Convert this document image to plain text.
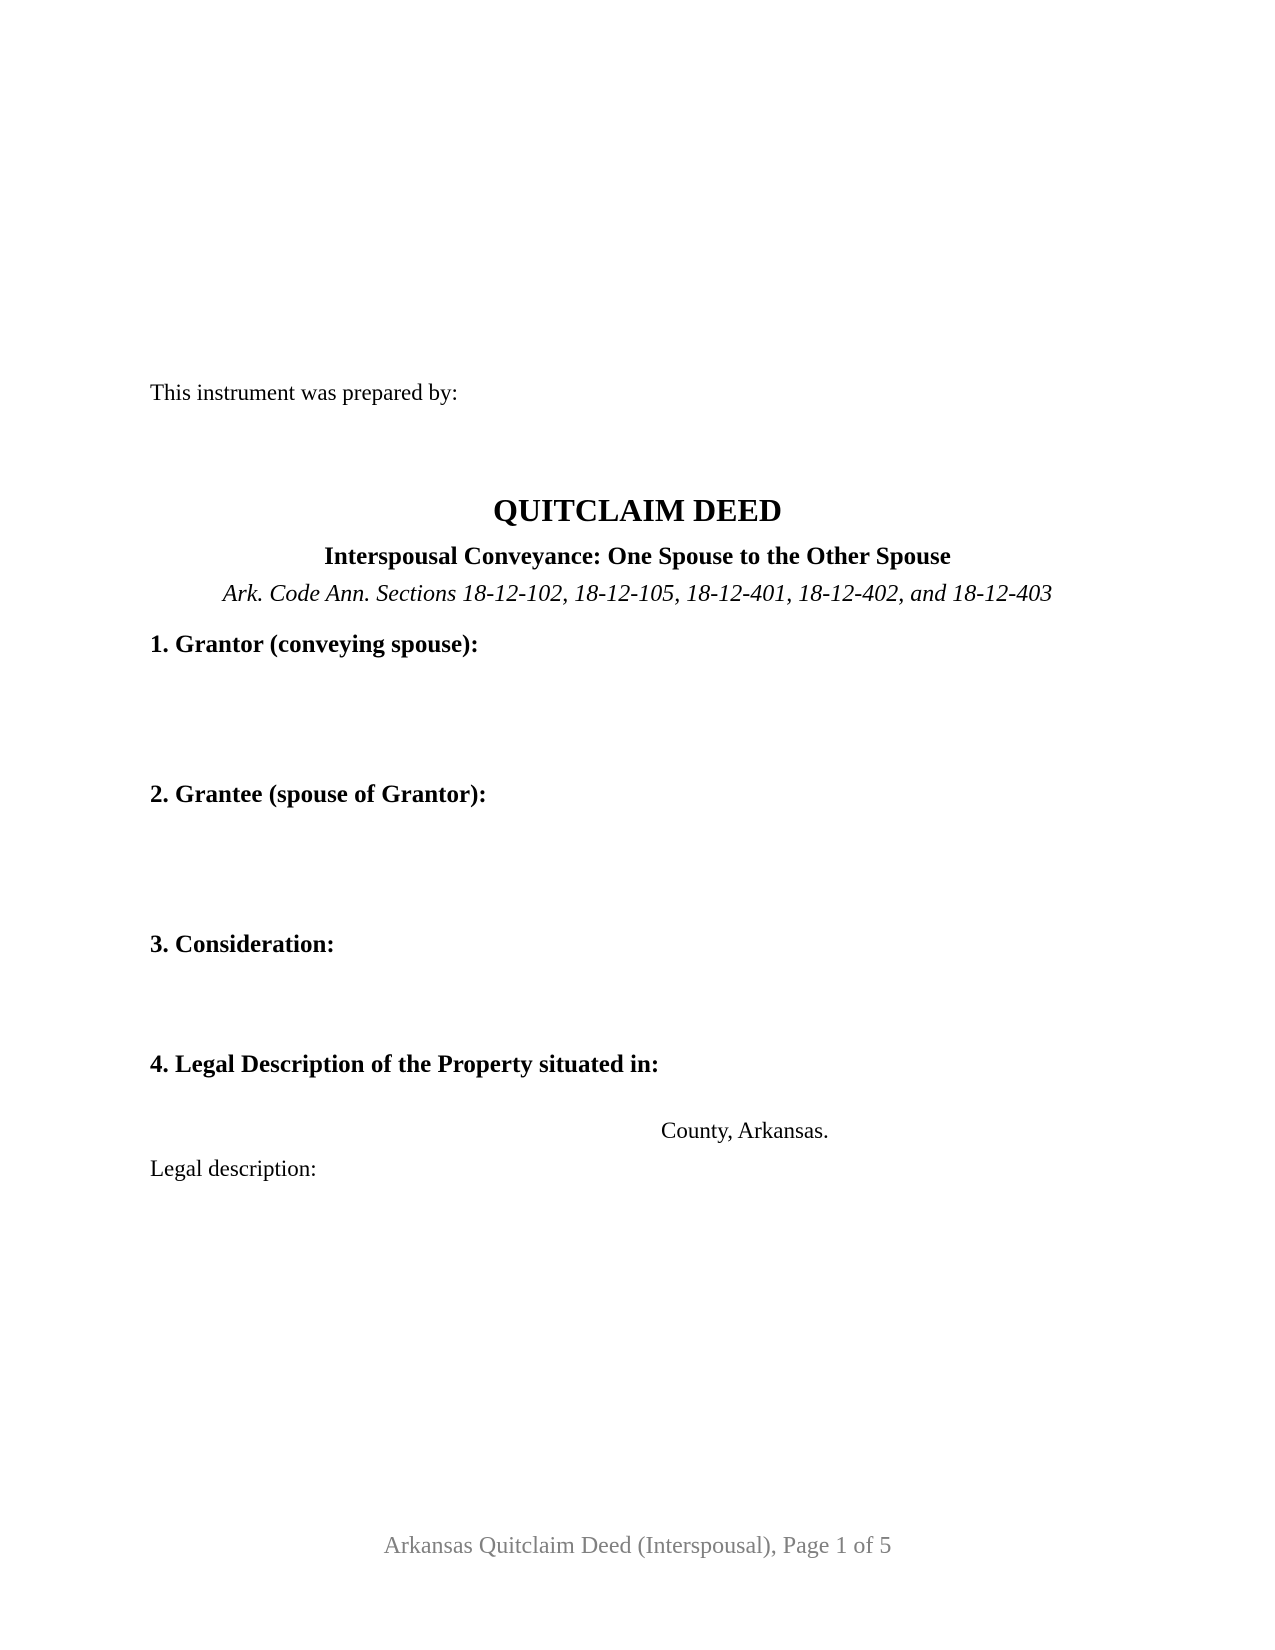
This instrument was prepared by:

QUITCLAIM DEED

Interspousal Conveyance: One Spouse to the Other Spouse

Ark. Code Ann. Sections 18-12-102, 18-12-105, 18-12-401, 18-12-402, and 18-12-403

1. Grantor (conveying spouse):

2. Grantee (spouse of Grantor):

3. Consideration:

4. Legal Description of the Property situated in:

County, Arkansas.

Legal description:

Arkansas Quitclaim Deed (Interspousal), Page 1 of 5
